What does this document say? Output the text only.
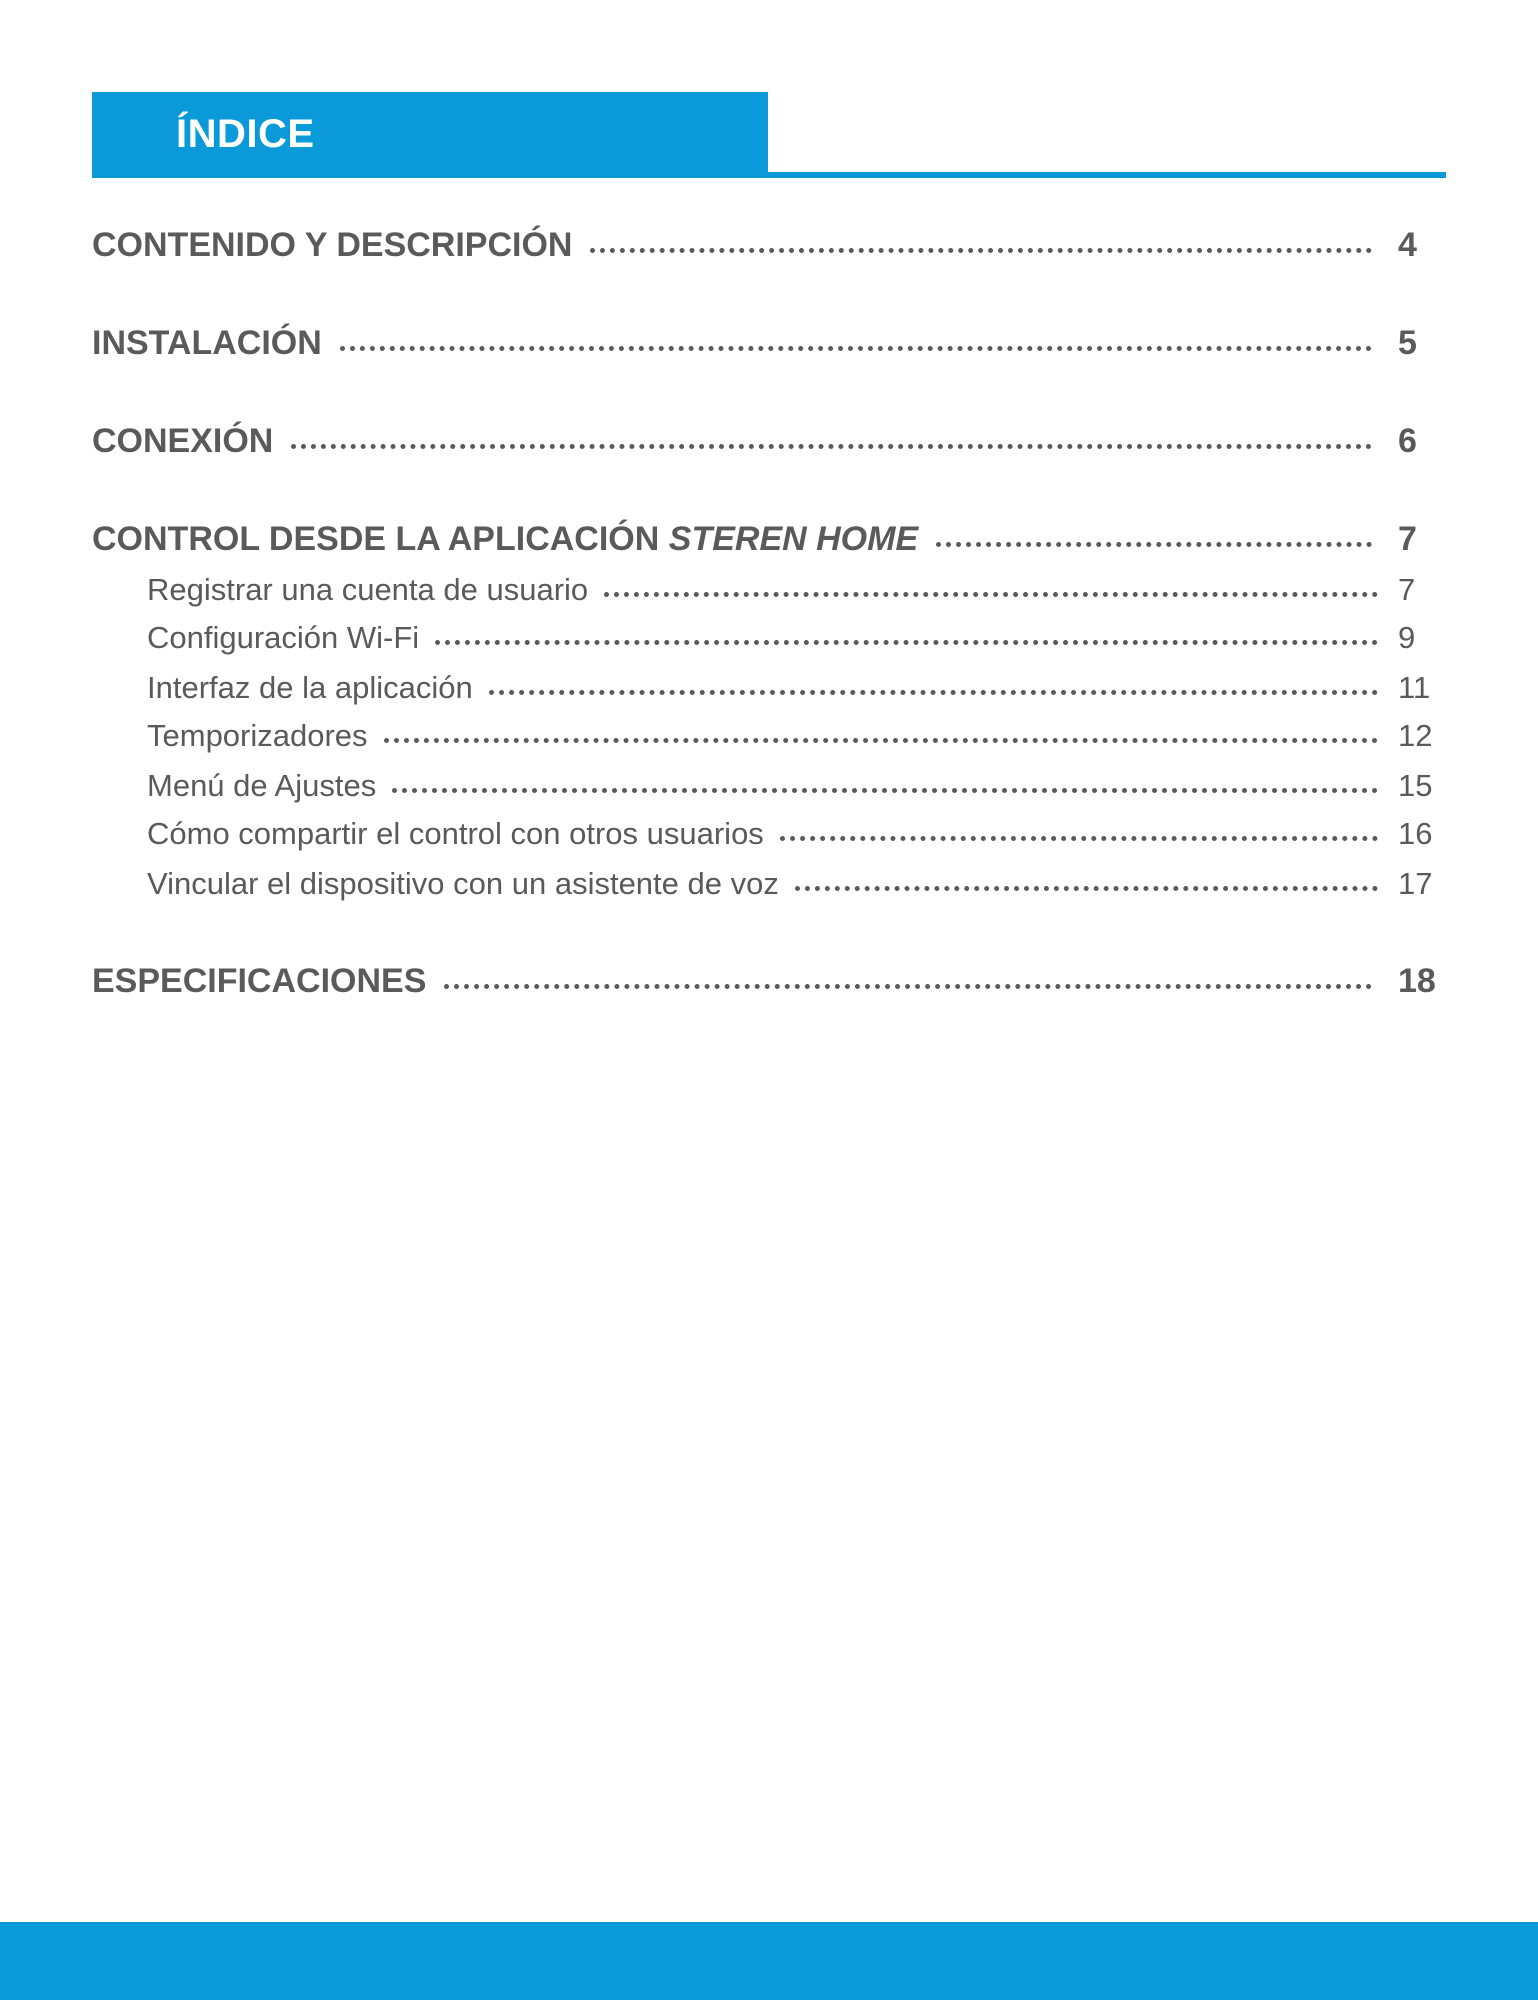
ÍNDICE
CONTENIDO Y DESCRIPCIÓN	4
INSTALACIÓN	5
CONEXIÓN	6
CONTROL DESDE LA APLICACIÓN STEREN HOME	7
Registrar una cuenta de usuario	7
Configuración Wi-Fi	9
Interfaz de la aplicación	11
Temporizadores	12
Menú de Ajustes	15
Cómo compartir el control con otros usuarios	16
Vincular el dispositivo con un asistente de voz	17
ESPECIFICACIONES	18
